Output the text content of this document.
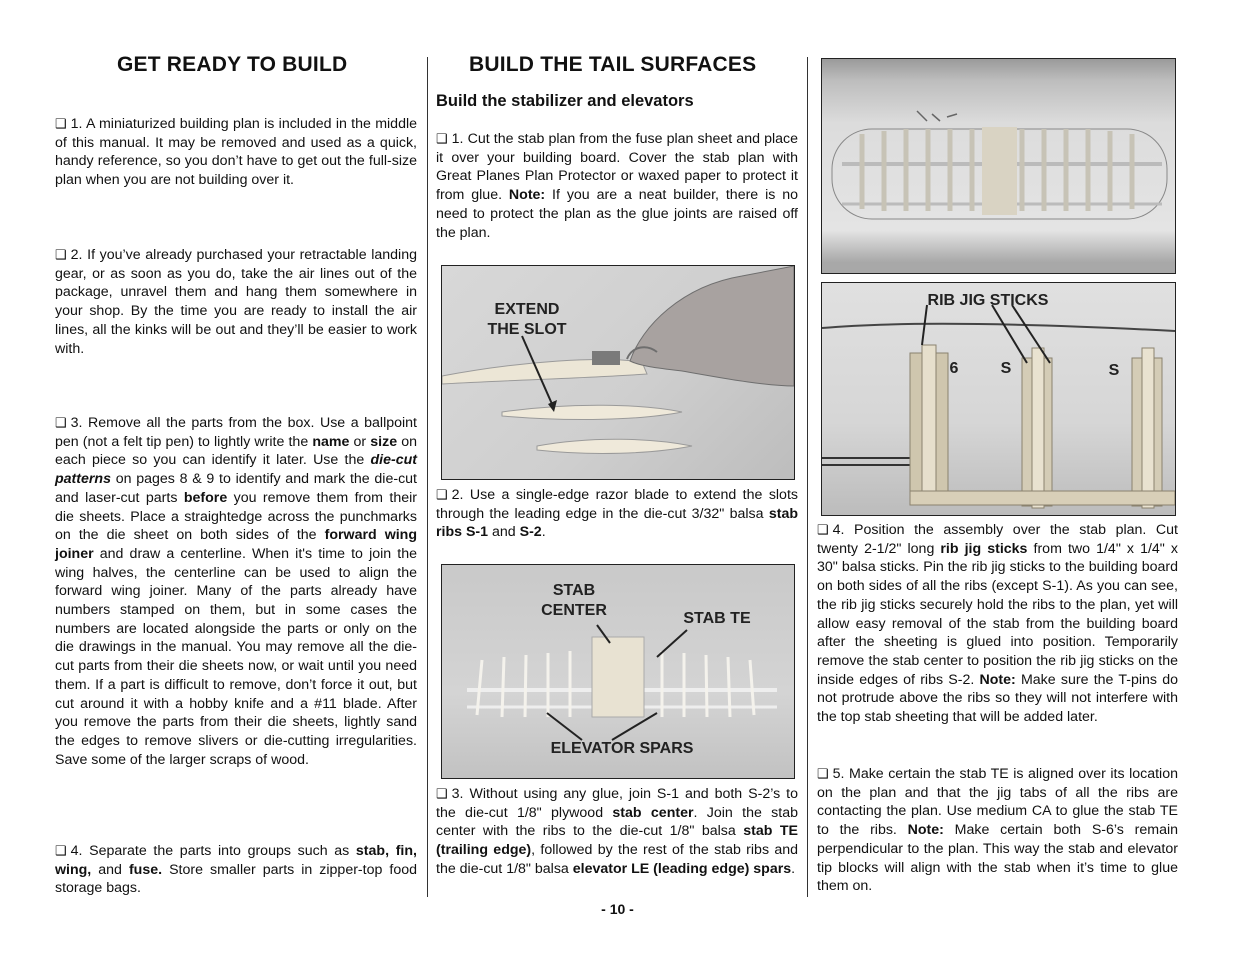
GET READY TO BUILD
❑ 1. A miniaturized building plan is included in the middle of this manual. It may be removed and used as a quick, handy reference, so you don’t have to get out the full-size plan when you are not building over it.
❑ 2. If you’ve already purchased your retractable landing gear, or as soon as you do, take the air lines out of the package, unravel them and hang them somewhere in your shop. By the time you are ready to install the air lines, all the kinks will be out and they’ll be easier to work with.
❑ 3. Remove all the parts from the box. Use a ballpoint pen (not a felt tip pen) to lightly write the name or size on each piece so you can identify it later. Use the die-cut patterns on pages 8 & 9 to identify and mark the die-cut and laser-cut parts before you remove them from their die sheets. Place a straightedge across the punchmarks on the die sheet on both sides of the forward wing joiner and draw a centerline. When it's time to join the wing halves, the centerline can be used to align the forward wing joiner. Many of the parts already have numbers stamped on them, but in some cases the numbers are located alongside the parts or only on the die drawings in the manual. You may remove all the die-cut parts from their die sheets now, or wait until you need them. If a part is difficult to remove, don’t force it out, but cut around it with a hobby knife and a #11 blade. After you remove the parts from their die sheets, lightly sand the edges to remove slivers or die-cutting irregularities. Save some of the larger scraps of wood.
❑ 4. Separate the parts into groups such as stab, fin, wing, and fuse. Store smaller parts in zipper-top food storage bags.
BUILD THE TAIL SURFACES
Build the stabilizer and elevators
❑ 1. Cut the stab plan from the fuse plan sheet and place it over your building board. Cover the stab plan with Great Planes Plan Protector or waxed paper to protect it from glue. Note: If you are a neat builder, there is no need to protect the plan as the glue joints are raised off the plan.
EXTEND
THE SLOT
❑ 2. Use a single-edge razor blade to extend the slots through the leading edge in the die-cut 3/32" balsa stab ribs S-1 and S-2.
STAB
CENTER	STAB TE
ELEVATOR SPARS
❑ 3. Without using any glue, join S-1 and both S-2’s to the die-cut 1/8" plywood stab center. Join the stab center with the ribs to the die-cut 1/8" balsa stab TE (trailing edge), followed by the rest of the stab ribs and the die-cut 1/8" balsa elevator LE (leading edge) spars.
RIB JIG STICKS
6	S	S
❑ 4. Position the assembly over the stab plan. Cut twenty 2-1/2" long rib jig sticks from two 1/4" x 1/4" x 30" balsa sticks. Pin the rib jig sticks to the building board on both sides of all the ribs (except S-1). As you can see, the rib jig sticks securely hold the ribs to the plan, yet will allow easy removal of the stab from the building board after the sheeting is glued into position. Temporarily remove the stab center to position the rib jig sticks on the inside edges of ribs S-2. Note: Make sure the T-pins do not protrude above the ribs so they will not interfere with the top stab sheeting that will be added later.
❑ 5. Make certain the stab TE is aligned over its location on the plan and that the jig tabs of all the ribs are contacting the plan. Use medium CA to glue the stab TE to the ribs. Note: Make certain both S-6’s remain perpendicular to the plan. This way the stab and elevator tip blocks will align with the stab when it’s time to glue them on.
- 10 -
